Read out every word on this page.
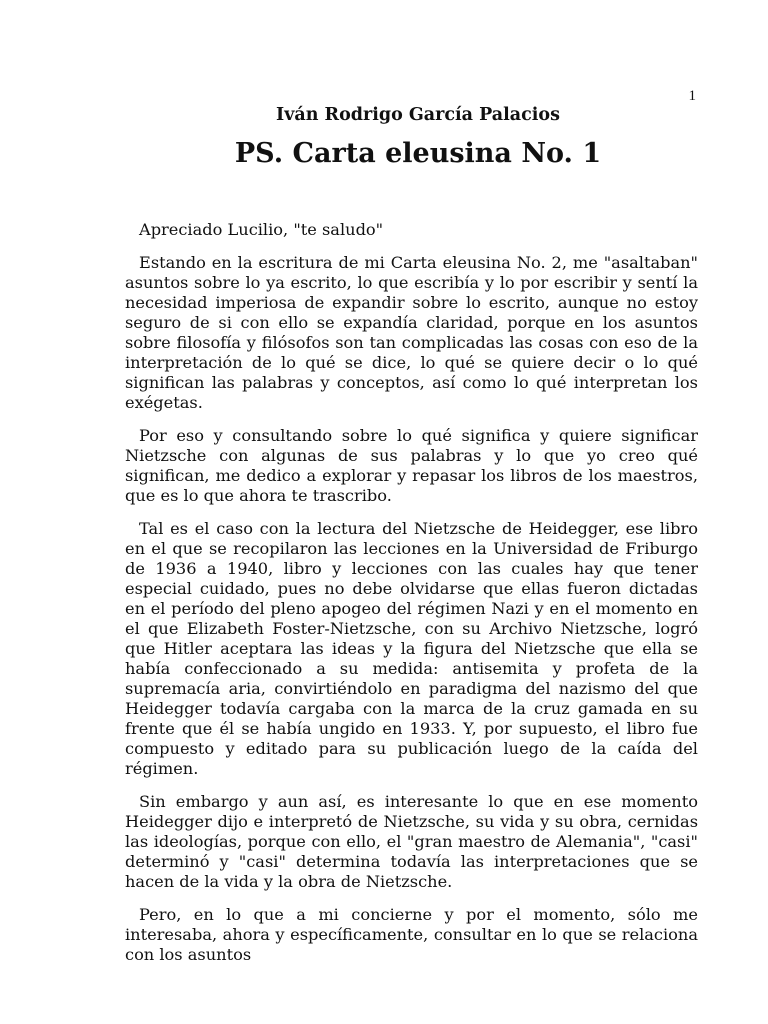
1
Iván Rodrigo García Palacios
PS. Carta eleusina No. 1

Apreciado Lucilio, "te saludo"

Estando en la escritura de mi Carta eleusina No. 2, me "asaltaban" asuntos sobre lo ya escrito, lo que escribía y lo por escribir y sentí la necesidad imperiosa de expandir sobre lo escrito, aunque no estoy seguro de si con ello se expandía claridad, porque en los asuntos sobre filosofía y filósofos son tan complicadas las cosas con eso de la interpretación de lo qué se dice, lo qué se quiere decir o lo qué significan las palabras y conceptos, así como lo qué interpretan los exégetas.

Por eso y consultando sobre lo qué significa y quiere significar Nietzsche con algunas de sus palabras y lo que yo creo qué significan, me dedico a explorar y repasar los libros de los maestros, que es lo que ahora te trascribo.

Tal es el caso con la lectura del Nietzsche de Heidegger, ese libro en el que se recopilaron las lecciones en la Universidad de Friburgo de 1936 a 1940, libro y lecciones con las cuales hay que tener especial cuidado, pues no debe olvidarse que ellas fueron dictadas en el período del pleno apogeo del régimen Nazi y en el momento en el que Elizabeth Foster-Nietzsche, con su Archivo Nietzsche, logró que Hitler aceptara las ideas y la figura del Nietzsche que ella se había confeccionado a su medida: antisemita y profeta de la supremacía aria, convirtiéndolo en paradigma del nazismo del que Heidegger todavía cargaba con la marca de la cruz gamada en su frente que él se había ungido en 1933. Y, por supuesto, el libro fue compuesto y editado para su publicación luego de la caída del régimen.

Sin embargo y aun así, es interesante lo que en ese momento Heidegger dijo e interpretó de Nietzsche, su vida y su obra, cernidas las ideologías, porque con ello, el "gran maestro de Alemania", "casi" determinó y "casi" determina todavía las interpretaciones que se hacen de la vida y la obra de Nietzsche.

Pero, en lo que a mi concierne y por el momento, sólo me interesaba, ahora y específicamente, consultar en lo que se relaciona con los asuntos
